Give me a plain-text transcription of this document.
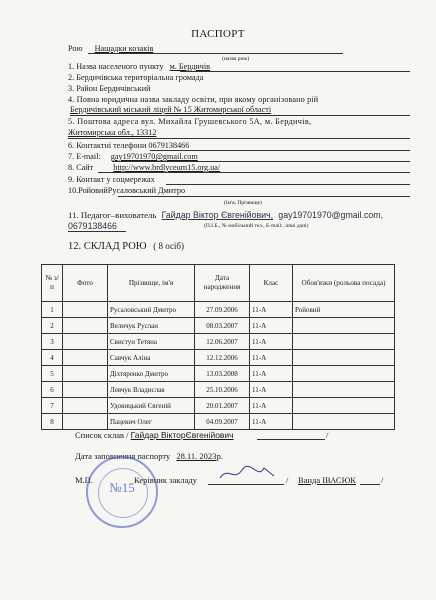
ПАСПОРТ
Рою Нащадки козаків
(назва рою)
1. Назва населеного пункту м. Бердичів
2. Бердичівська територіальна громада
3. Район Бердичівський
4. Повна юридична назва закладу освіти, при якому організовано рій
Бердичівський міський ліцей № 15 Житомирської області
5. Поштова адреса вул. Михайла Грушевського 5А, м. Бердичів,
Житомирська обл., 13312
6. Контактні телефони 0679138466
7. E-mail: gay19701970@gmail.com
8. Сайт http://www.brdlyceum15.org.ua/
9. Контакт у соцмережах
10.РойовийРусаловський Дмитро
(Ім'я, Прізвище)
11. Педагог–вихователь Гайдар Віктор Євгенійович, gay19701970@gmail.com,
0679138466	(П.І.Б., № мобільний тел., E-mail:, інші дані)
12. СКЛАД РОЮ ( 8 осіб)
№ з/п	Фото	Прізвище, ім'я	Дата народження	Клас	Обов'язки (рольова посада)
1		Русаловський Дмитро	27.09.2006	11-А	Ройовий
2		Величук Руслан	08.03.2007	11-А	
3		Свистун Тетяна	12.06.2007	11-А	
4		Савчук Аліна	12.12.2006	11-А	
5		Діхтяренко Дмитро	13.03.2008	11-А	
6		Левчук Владислав	25.10.2006	11-А	
7		Удовицький Євгеній	20.01.2007	11-А	
8		Пацевич Олег	04.09.2007	11-А	
Список склав / Гайдар ВікторЄвгенійович	/
Дата заповнення паспорту 28.11. 2023р.
М.П.	Керівник закладу	/ Ванда ІВАСЮК	/
№15
